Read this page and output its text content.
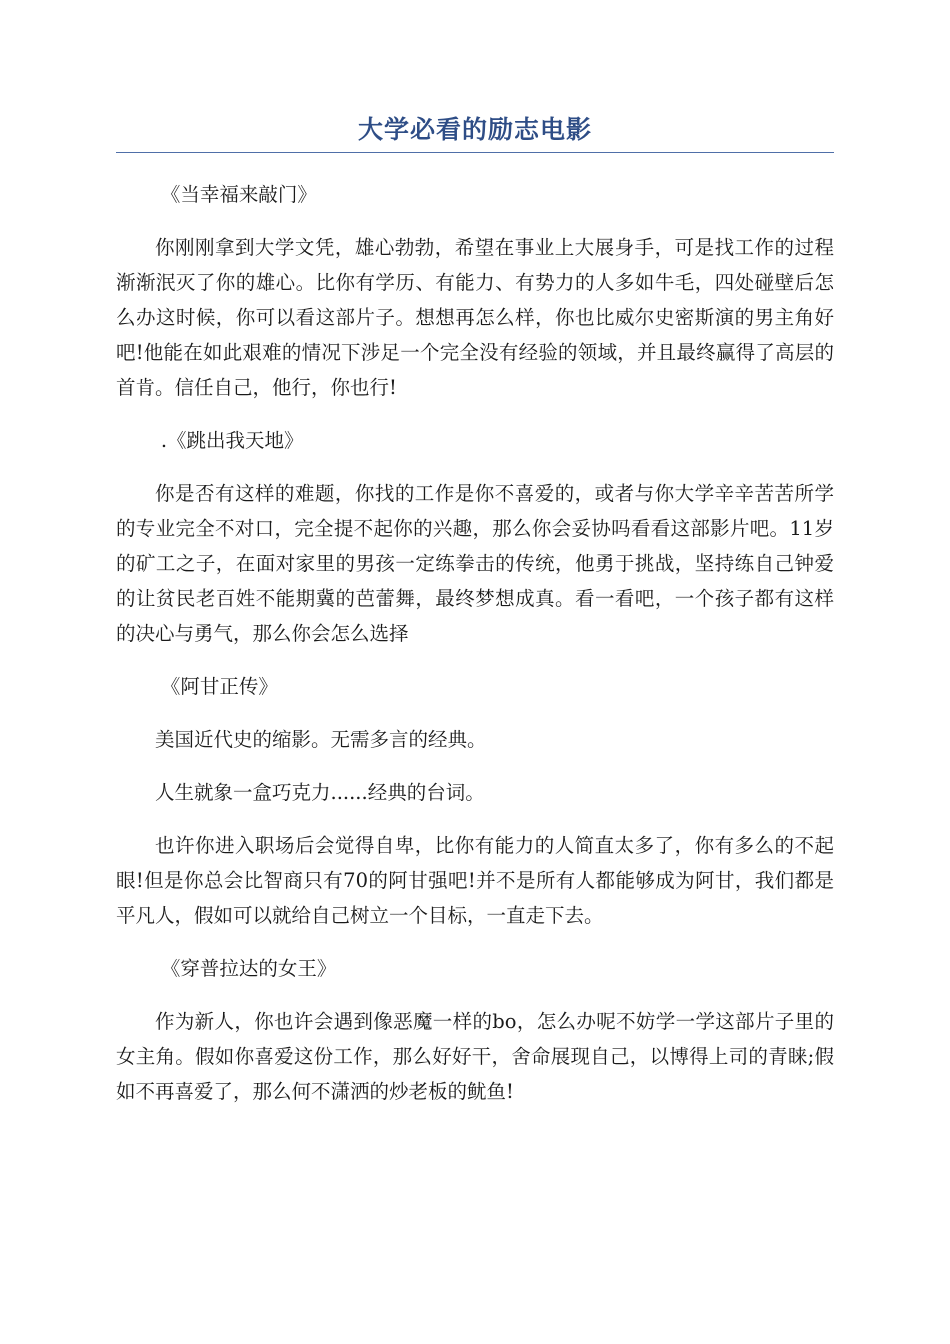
大学必看的励志电影

《当幸福来敲门》

你刚刚拿到大学文凭，雄心勃勃，希望在事业上大展身手，可是找工作的过程渐渐泯灭了你的雄心。比你有学历、有能力、有势力的人多如牛毛，四处碰壁后怎么办这时候，你可以看这部片子。想想再怎么样，你也比威尔史密斯演的男主角好吧!他能在如此艰难的情况下涉足一个完全没有经验的领域，并且最终赢得了高层的首肯。信任自己，他行，你也行!

.《跳出我天地》

你是否有这样的难题，你找的工作是你不喜爱的，或者与你大学辛辛苦苦所学的专业完全不对口，完全提不起你的兴趣，那么你会妥协吗看看这部影片吧。11岁的矿工之子，在面对家里的男孩一定练拳击的传统，他勇于挑战，坚持练自己钟爱的让贫民老百姓不能期冀的芭蕾舞，最终梦想成真。看一看吧，一个孩子都有这样的决心与勇气，那么你会怎么选择

《阿甘正传》

美国近代史的缩影。无需多言的经典。

人生就象一盒巧克力......经典的台词。

也许你进入职场后会觉得自卑，比你有能力的人简直太多了，你有多么的不起眼!但是你总会比智商只有70的阿甘强吧!并不是所有人都能够成为阿甘，我们都是平凡人，假如可以就给自己树立一个目标，一直走下去。

《穿普拉达的女王》

作为新人，你也许会遇到像恶魔一样的bo，怎么办呢不妨学一学这部片子里的女主角。假如你喜爱这份工作，那么好好干，舍命展现自己，以博得上司的青睐;假如不再喜爱了，那么何不潇洒的炒老板的鱿鱼!
